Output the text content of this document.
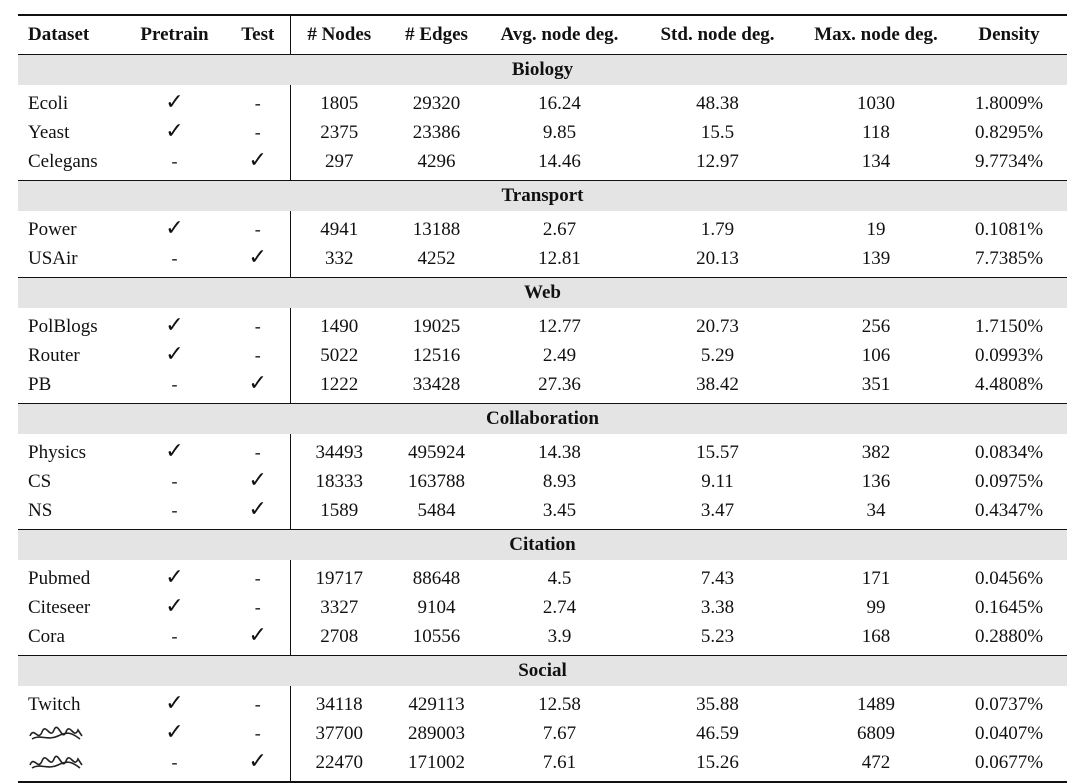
Dataset	Pretrain	Test	# Nodes	# Edges	Avg. node deg.	Std. node deg.	Max. node deg.	Density
Biology								
Ecoli	✓	-	1805	29320	16.24	48.38	1030	1.8009%
Yeast	✓	-	2375	23386	9.85	15.5	118	0.8295%
Celegans	-	✓	297	4296	14.46	12.97	134	9.7734%
Transport								
Power	✓	-	4941	13188	2.67	1.79	19	0.1081%
USAir	-	✓	332	4252	12.81	20.13	139	7.7385%
Web								
PolBlogs	✓	-	1490	19025	12.77	20.73	256	1.7150%
Router	✓	-	5022	12516	2.49	5.29	106	0.0993%
PB	-	✓	1222	33428	27.36	38.42	351	4.4808%
Collaboration								
Physics	✓	-	34493	495924	14.38	15.57	382	0.0834%
CS	-	✓	18333	163788	8.93	9.11	136	0.0975%
NS	-	✓	1589	5484	3.45	3.47	34	0.4347%
Citation								
Pubmed	✓	-	19717	88648	4.5	7.43	171	0.0456%
Citeseer	✓	-	3327	9104	2.74	3.38	99	0.1645%
Cora	-	✓	2708	10556	3.9	5.23	168	0.2880%
Social								
Twitch	✓	-	34118	429113	12.58	35.88	1489	0.0737%
	✓	-	37700	289003	7.67	46.59	6809	0.0407%
	-	✓	22470	171002	7.61	15.26	472	0.0677%
